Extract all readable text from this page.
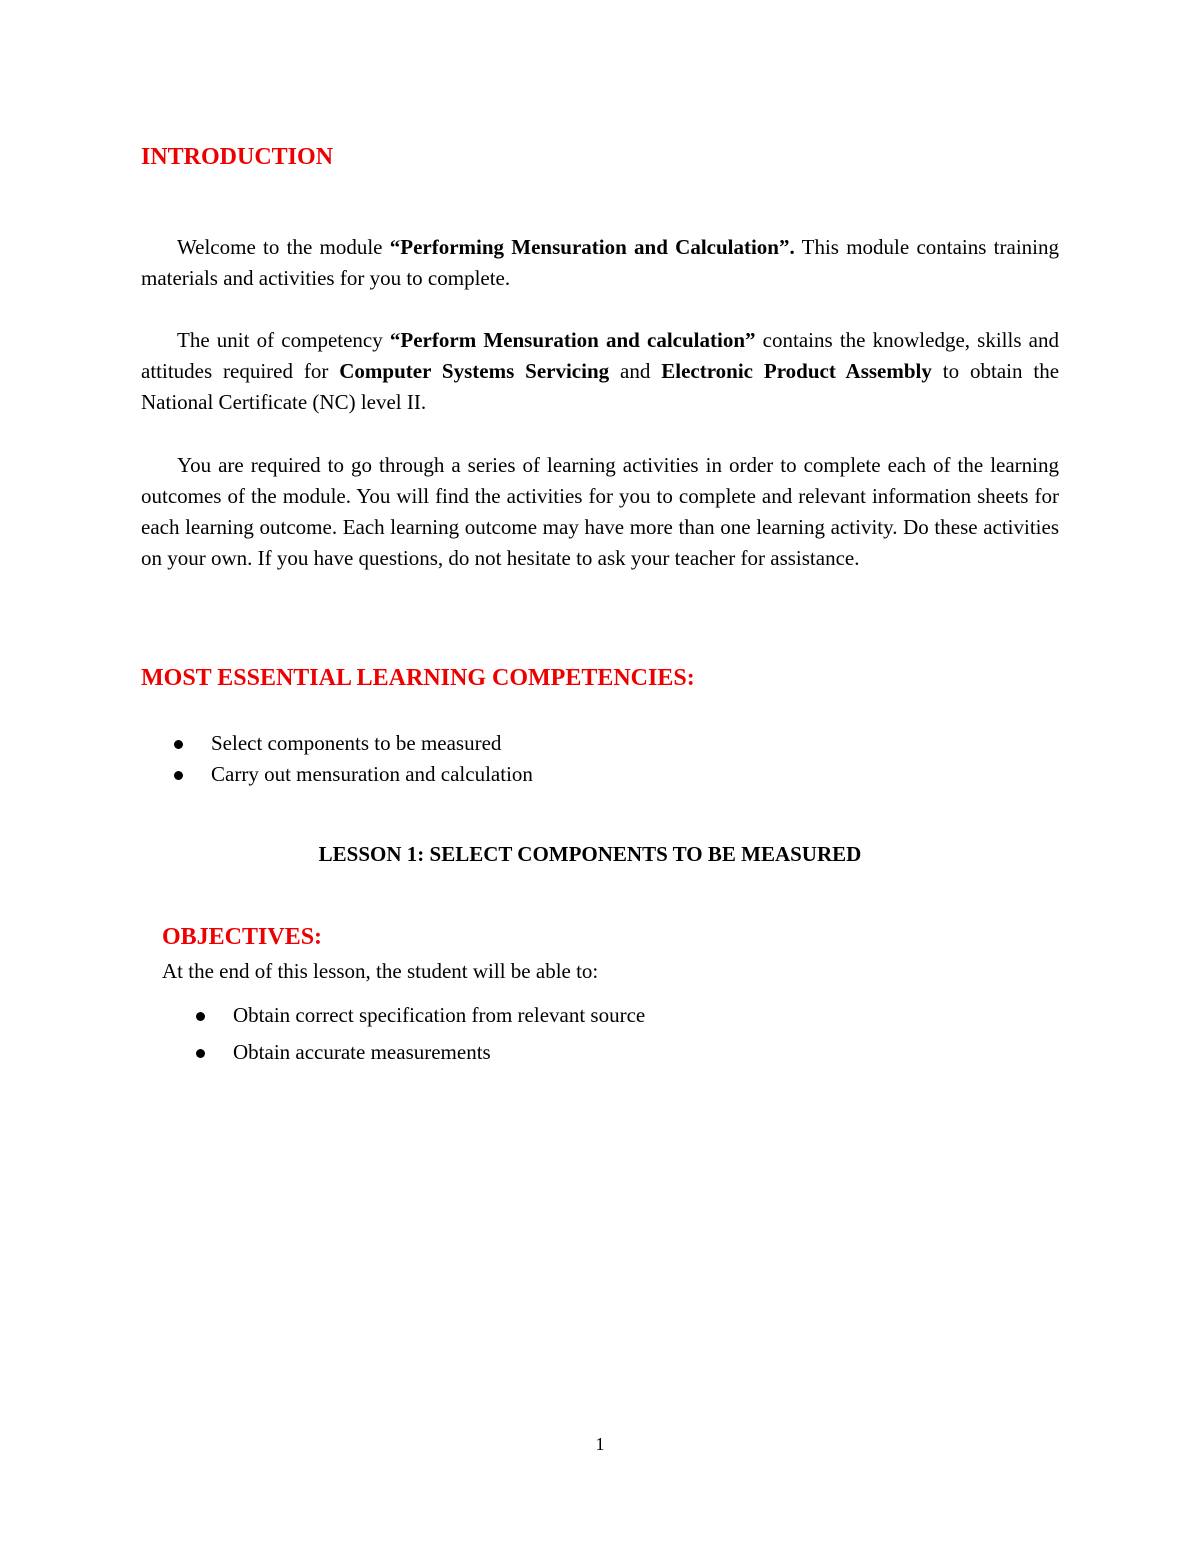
INTRODUCTION

Welcome to the module “Performing Mensuration and Calculation”. This module contains training materials and activities for you to complete.

The unit of competency “Perform Mensuration and calculation” contains the knowledge, skills and attitudes required for Computer Systems Servicing and Electronic Product Assembly to obtain the National Certificate (NC) level II.

You are required to go through a series of learning activities in order to complete each of the learning outcomes of the module. You will find the activities for you to complete and relevant information sheets for each learning outcome. Each learning outcome may have more than one learning activity. Do these activities on your own. If you have questions, do not hesitate to ask your teacher for assistance.

MOST ESSENTIAL LEARNING COMPETENCIES:
Select components to be measured
Carry out mensuration and calculation
LESSON 1: SELECT COMPONENTS TO BE MEASURED
OBJECTIVES:

At the end of this lesson, the student will be able to:

Obtain correct specification from relevant source
Obtain accurate measurements

1
